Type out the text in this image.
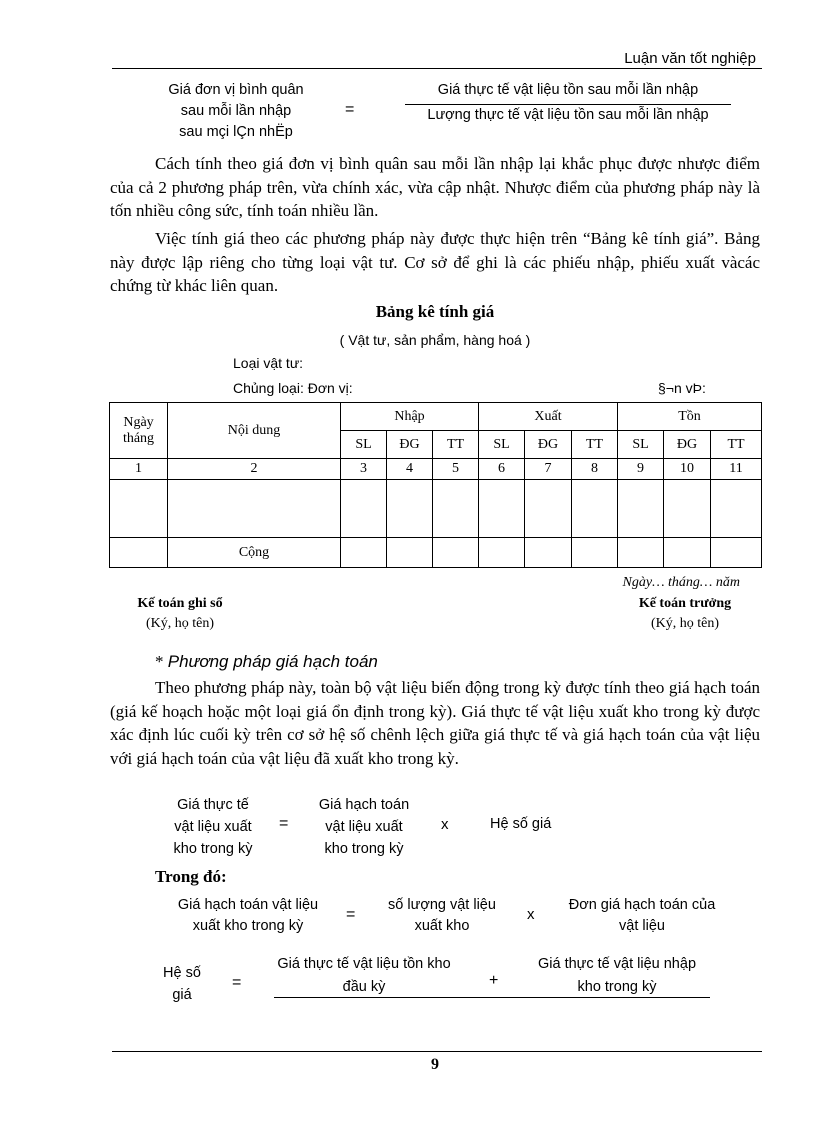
Luận văn tốt nghiệp
Giá đơn vị bình quân
sau mỗi lần nhập
sau mçi lÇn nhËp
=
Giá thực tế vật liệu tồn sau mỗi lần nhập
Lượng thực tế vật liệu tồn sau mỗi lần nhập
Cách tính theo giá đơn vị bình quân sau mỗi lần nhập lại khắc phục được nhược điểm của cả 2 phương pháp trên, vừa chính xác, vừa cập nhật. Nhược điểm của phương pháp này là tốn nhiều công sức, tính toán nhiều lần.
Việc tính giá theo các phương pháp này được thực hiện trên “Bảng kê tính giá”. Bảng này được lập riêng cho từng loại vật tư. Cơ sở để ghi là các phiếu nhập, phiếu xuất vàcác chứng từ khác liên quan.
Bảng kê tính giá
( Vật tư, sản phẩm, hàng hoá )
Loại vật tư:
Chủng loại: Đơn vị:	§¬n vÞ:
Ngày
tháng	Nội dung	Nhập			Xuất			Tồn		
		SL	ĐG	TT	SL	ĐG	TT	SL	ĐG	TT
1	2	3	4	5	6	7	8	9	10	11

	Cộng									
Ngày… tháng… năm
Kế toán ghi sổ
(Ký, họ tên)
Kế toán trưởng
(Ký, họ tên)
* Phương pháp giá hạch toán
Theo phương pháp này, toàn bộ vật liệu biến động trong kỳ được tính theo giá hạch toán (giá kế hoạch hoặc một loại giá ổn định trong kỳ). Giá thực tế vật liệu xuất kho trong kỳ được xác định lúc cuối kỳ trên cơ sở hệ số chênh lệch giữa giá thực tế và giá hạch toán của vật liệu với giá hạch toán của vật liệu đã xuất kho trong kỳ.
Giá thực tế
vật liệu xuất
kho trong kỳ
=
Giá hạch toán
vật liệu xuất
kho trong kỳ
x	Hệ số giá
Trong đó:
Giá hạch toán vật liệu
xuất kho trong kỳ
=
số lượng vật liệu
xuất kho
x
Đơn giá hạch toán của
vật liệu
Hệ số
giá
=
Giá thực tế vật liệu tồn kho
đầu kỳ	+
Giá thực tế vật liệu nhập
kho trong kỳ
9
